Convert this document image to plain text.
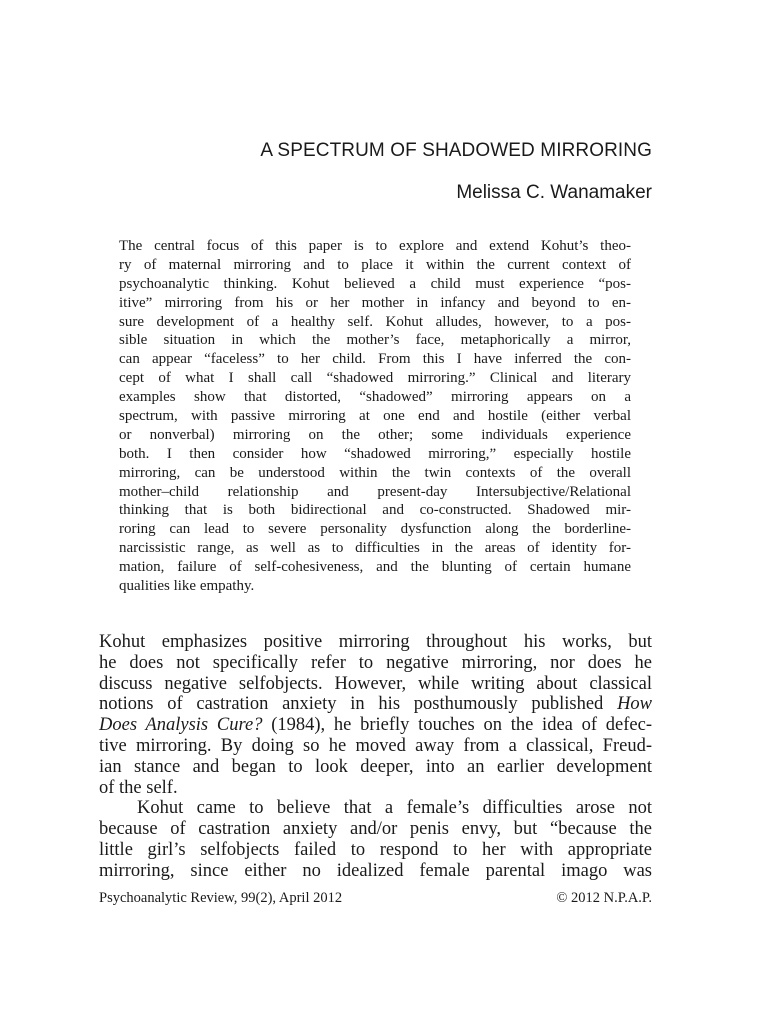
A SPECTRUM OF SHADOWED MIRRORING
Melissa C. Wanamaker
The central focus of this paper is to explore and extend Kohut’s theo-
ry of maternal mirroring and to place it within the current context of
psychoanalytic thinking. Kohut believed a child must experience “pos-
itive” mirroring from his or her mother in infancy and beyond to en-
sure development of a healthy self. Kohut alludes, however, to a pos-
sible situation in which the mother’s face, metaphorically a mirror,
can appear “faceless” to her child. From this I have inferred the con-
cept of what I shall call “shadowed mirroring.” Clinical and literary
examples show that distorted, “shadowed” mirroring appears on a
spectrum, with passive mirroring at one end and hostile (either verbal
or nonverbal) mirroring on the other; some individuals experience
both. I then consider how “shadowed mirroring,” especially hostile
mirroring, can be understood within the twin contexts of the overall
mother–child relationship and present-day Intersubjective/Relational
thinking that is both bidirectional and co-constructed. Shadowed mir-
roring can lead to severe personality dysfunction along the borderline-
narcissistic range, as well as to difficulties in the areas of identity for-
mation, failure of self-cohesiveness, and the blunting of certain humane
qualities like empathy.
Kohut emphasizes positive mirroring throughout his works, but
he does not specifically refer to negative mirroring, nor does he
discuss negative selfobjects. However, while writing about classical
notions of castration anxiety in his posthumously published How
Does Analysis Cure? (1984), he briefly touches on the idea of defec-
tive mirroring. By doing so he moved away from a classical, Freud-
ian stance and began to look deeper, into an earlier development
of the self.
Kohut came to believe that a female’s difficulties arose not
because of castration anxiety and/or penis envy, but “because the
little girl’s selfobjects failed to respond to her with appropriate
mirroring, since either no idealized female parental imago was
Psychoanalytic Review, 99(2), April 2012	© 2012 N.P.A.P.
